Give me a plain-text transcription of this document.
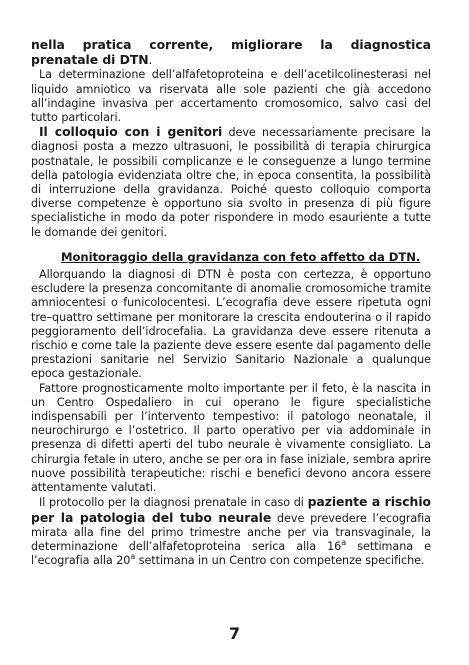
nella pratica corrente, migliorare la diagnostica prenatale di DTN.

La determinazione dell’alfafetoproteina e dell’acetilcolinesterasi nel liquido amniotico va riservata alle sole pazienti che già accedono all’indagine invasiva per accertamento cromosomico, salvo casi del tutto particolari.

Il colloquio con i genitori deve necessariamente precisare la diagnosi posta a mezzo ultrasuoni, le possibilità di terapia chirurgica postnatale, le possibili complicanze e le conseguenze a lungo termine della patologia evidenziata oltre che, in epoca consentita, la possibilità di interruzione della gravidanza. Poiché questo colloquio comporta diverse competenze è opportuno sia svolto in presenza di più figure specialistiche in modo da poter rispondere in modo esauriente a tutte le domande dei genitori.

Monitoraggio della gravidanza con feto affetto da DTN.

Allorquando la diagnosi di DTN è posta con certezza, è opportuno escludere la presenza concomitante di anomalie cromosomiche tramite amniocentesi o funicolocentesi. L’ecografia deve essere ripetuta ogni tre–quattro settimane per monitorare la crescita endouterina o il rapido peggioramento dell’idrocefalia. La gravidanza deve essere ritenuta a rischio e come tale la paziente deve essere esente dal pagamento delle prestazioni sanitarie nel Servizio Sanitario Nazionale a qualunque epoca gestazionale.

Fattore prognosticamente molto importante per il feto, è la nascita in un Centro Ospedaliero in cui operano le figure specialistiche indispensabili per l’intervento tempestivo: il patologo neonatale, il neurochirurgo e l’ostetrico. Il parto operativo per via addominale in presenza di difetti aperti del tubo neurale è vivamente consigliato. La chirurgia fetale in utero, anche se per ora in fase iniziale, sembra aprire nuove possibilità terapeutiche: rischi e benefici devono ancora essere attentamente valutati.

Il protocollo per la diagnosi prenatale in caso di paziente a rischio per la patologia del tubo neurale deve prevedere l’ecografia mirata alla fine del primo trimestre anche per via transvaginale, la determinazione dell’alfafetoproteina serica alla 16$^a$ settimana e l’ecografia alla 20$^a$ settimana in un Centro con competenze specifiche.

7
